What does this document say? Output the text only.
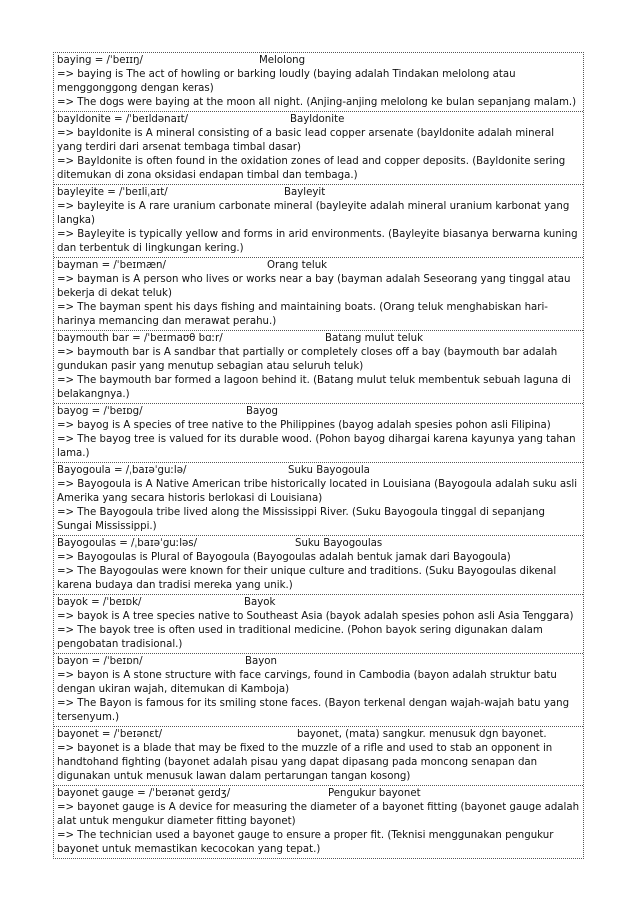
baying = /ˈbeɪɪŋ/	Melolong
=> baying is The act of howling or barking loudly (baying adalah Tindakan melolong atau menggonggong dengan keras)
=> The dogs were baying at the moon all night. (Anjing-anjing melolong ke bulan sepanjang malam.)
bayldonite = /ˈbeɪldənaɪt/	Bayldonite
=> bayldonite is A mineral consisting of a basic lead copper arsenate (bayldonite adalah mineral yang terdiri dari arsenat tembaga timbal dasar)
=> Bayldonite is often found in the oxidation zones of lead and copper deposits. (Bayldonite sering ditemukan di zona oksidasi endapan timbal dan tembaga.)
bayleyite = /ˈbeɪliˌaɪt/	Bayleyit
=> bayleyite is A rare uranium carbonate mineral (bayleyite adalah mineral uranium karbonat yang langka)
=> Bayleyite is typically yellow and forms in arid environments. (Bayleyite biasanya berwarna kuning dan terbentuk di lingkungan kering.)
bayman = /ˈbeɪmæn/	Orang teluk
=> bayman is A person who lives or works near a bay (bayman adalah Seseorang yang tinggal atau bekerja di dekat teluk)
=> The bayman spent his days fishing and maintaining boats. (Orang teluk menghabiskan hari-harinya memancing dan merawat perahu.)
baymouth bar = /ˈbeɪmaʊθ bɑːr/	Batang mulut teluk
=> baymouth bar is A sandbar that partially or completely closes off a bay (baymouth bar adalah gundukan pasir yang menutup sebagian atau seluruh teluk)
=> The baymouth bar formed a lagoon behind it. (Batang mulut teluk membentuk sebuah laguna di belakangnya.)
bayog = /ˈbeɪɒg/	Bayog
=> bayog is A species of tree native to the Philippines (bayog adalah spesies pohon asli Filipina)
=> The bayog tree is valued for its durable wood. (Pohon bayog dihargai karena kayunya yang tahan lama.)
Bayogoula = /ˌbaɪəˈguːlə/	Suku Bayogoula
=> Bayogoula is A Native American tribe historically located in Louisiana (Bayogoula adalah suku asli Amerika yang secara historis berlokasi di Louisiana)
=> The Bayogoula tribe lived along the Mississippi River. (Suku Bayogoula tinggal di sepanjang Sungai Mississippi.)
Bayogoulas = /ˌbaɪəˈguːləs/	Suku Bayogoulas
=> Bayogoulas is Plural of Bayogoula (Bayogoulas adalah bentuk jamak dari Bayogoula)
=> The Bayogoulas were known for their unique culture and traditions. (Suku Bayogoulas dikenal karena budaya dan tradisi mereka yang unik.)
bayok = /ˈbeɪɒk/	Bayok
=> bayok is A tree species native to Southeast Asia (bayok adalah spesies pohon asli Asia Tenggara)
=> The bayok tree is often used in traditional medicine. (Pohon bayok sering digunakan dalam pengobatan tradisional.)
bayon = /ˈbeɪɒn/	Bayon
=> bayon is A stone structure with face carvings, found in Cambodia (bayon adalah struktur batu dengan ukiran wajah, ditemukan di Kamboja)
=> The Bayon is famous for its smiling stone faces. (Bayon terkenal dengan wajah-wajah batu yang tersenyum.)
bayonet = /ˈbeɪənɛt/	bayonet, (mata) sangkur. menusuk dgn bayonet.
=> bayonet is a blade that may be fixed to the muzzle of a rifle and used to stab an opponent in handtohand fighting (bayonet adalah pisau yang dapat dipasang pada moncong senapan dan digunakan untuk menusuk lawan dalam pertarungan tangan kosong)
bayonet gauge = /ˈbeɪənət geɪdʒ/	Pengukur bayonet
=> bayonet gauge is A device for measuring the diameter of a bayonet fitting (bayonet gauge adalah alat untuk mengukur diameter fitting bayonet)
=> The technician used a bayonet gauge to ensure a proper fit. (Teknisi menggunakan pengukur bayonet untuk memastikan kecocokan yang tepat.)
